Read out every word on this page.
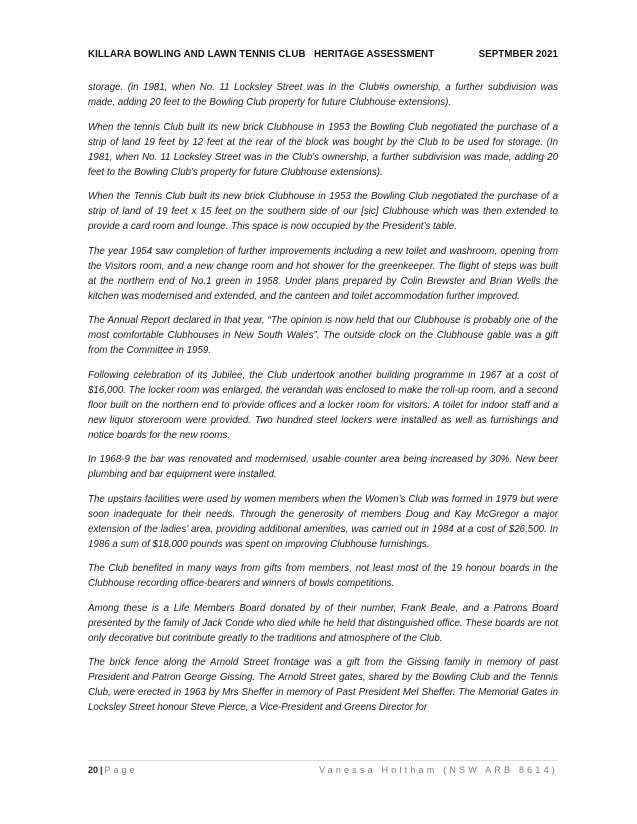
KILLARA BOWLING AND LAWN TENNIS CLUB   HERITAGE ASSESSMENT	SEPTMBER 2021

storage. (in 1981, when No. 11 Locksley Street was in the Club#s ownership, a further subdivision was made, adding 20 feet to the Bowling Club property for future Clubhouse extensions).

When the tennis Club built its new brick Clubhouse in 1953 the Bowling Club negotiated the purchase of a strip of land 19 feet by 12 feet at the rear of the block was bought by the Club to be used for storage. (In 1981, when No. 11 Locksley Street was in the Club’s ownership, a further subdivision was made, adding 20 feet to the Bowling Club’s property for future Clubhouse extensions).

When the Tennis Club built its new brick Clubhouse in 1953 the Bowling Club negotiated the purchase of a strip of land of 19 feet x 15 feet on the southern side of our [sic] Clubhouse which was then extended to provide a card room and lounge. This space is now occupied by the President’s table.

The year 1954 saw completion of further improvements including a new toilet and washroom, opening from the Visitors room, and a new change room and hot shower for the greenkeeper. The flight of steps was built at the northern end of No.1 green in 1958. Under plans prepared by Colin Brewster and Brian Wells the kitchen was modernised and extended, and the canteen and toilet accommodation further improved.

The Annual Report declared in that year, “The opinion is now held that our Clubhouse is probably one of the most comfortable Clubhouses in New South Wales”. The outside clock on the Clubhouse gable was a gift from the Committee in 1959.

Following celebration of its Jubilee, the Club undertook another building programme in 1967 at a cost of $16,000. The locker room was enlarged, the verandah was enclosed to make the roll-up room, and a second floor built on the northern end to provide offices and a locker room for visitors. A toilet for indoor staff and a new liquor storeroom were provided. Two hundred steel lockers were installed as well as furnishings and notice boards for the new rooms.

In 1968-9 the bar was renovated and modernised, usable counter area being increased by 30%. New beer plumbing and bar equipment were installed.

The upstairs facilities were used by women members when the Women’s Club was formed in 1979 but were soon inadequate for their needs. Through the generosity of members Doug and Kay McGregor a major extension of the ladies’ area, providing additional amenities, was carried out in 1984 at a cost of $26,500. In 1986 a sum of $18,000 pounds was spent on improving Clubhouse furnishings.

The Club benefited in many ways from gifts from members, not least most of the 19 honour boards in the Clubhouse recording office-bearers and winners of bowls competitions.

Among these is a Life Members Board donated by of their number, Frank Beale, and a Patrons Board presented by the family of Jack Conde who died while he held that distinguished office. These boards are not only decorative but contribute greatly to the traditions and atmosphere of the Club.

The brick fence along the Arnold Street frontage was a gift from the Gissing family in memory of past President and Patron George Gissing. The Arnold Street gates, shared by the Bowling Club and the Tennis Club, were erected in 1963 by Mrs Sheffer in memory of Past President Mel Sheffer. The Memorial Gates in Locksley Street honour Steve Pierce, a Vice-President and Greens Director for

20 | Page	Vanessa Holtham (NSW ARB 8614)
